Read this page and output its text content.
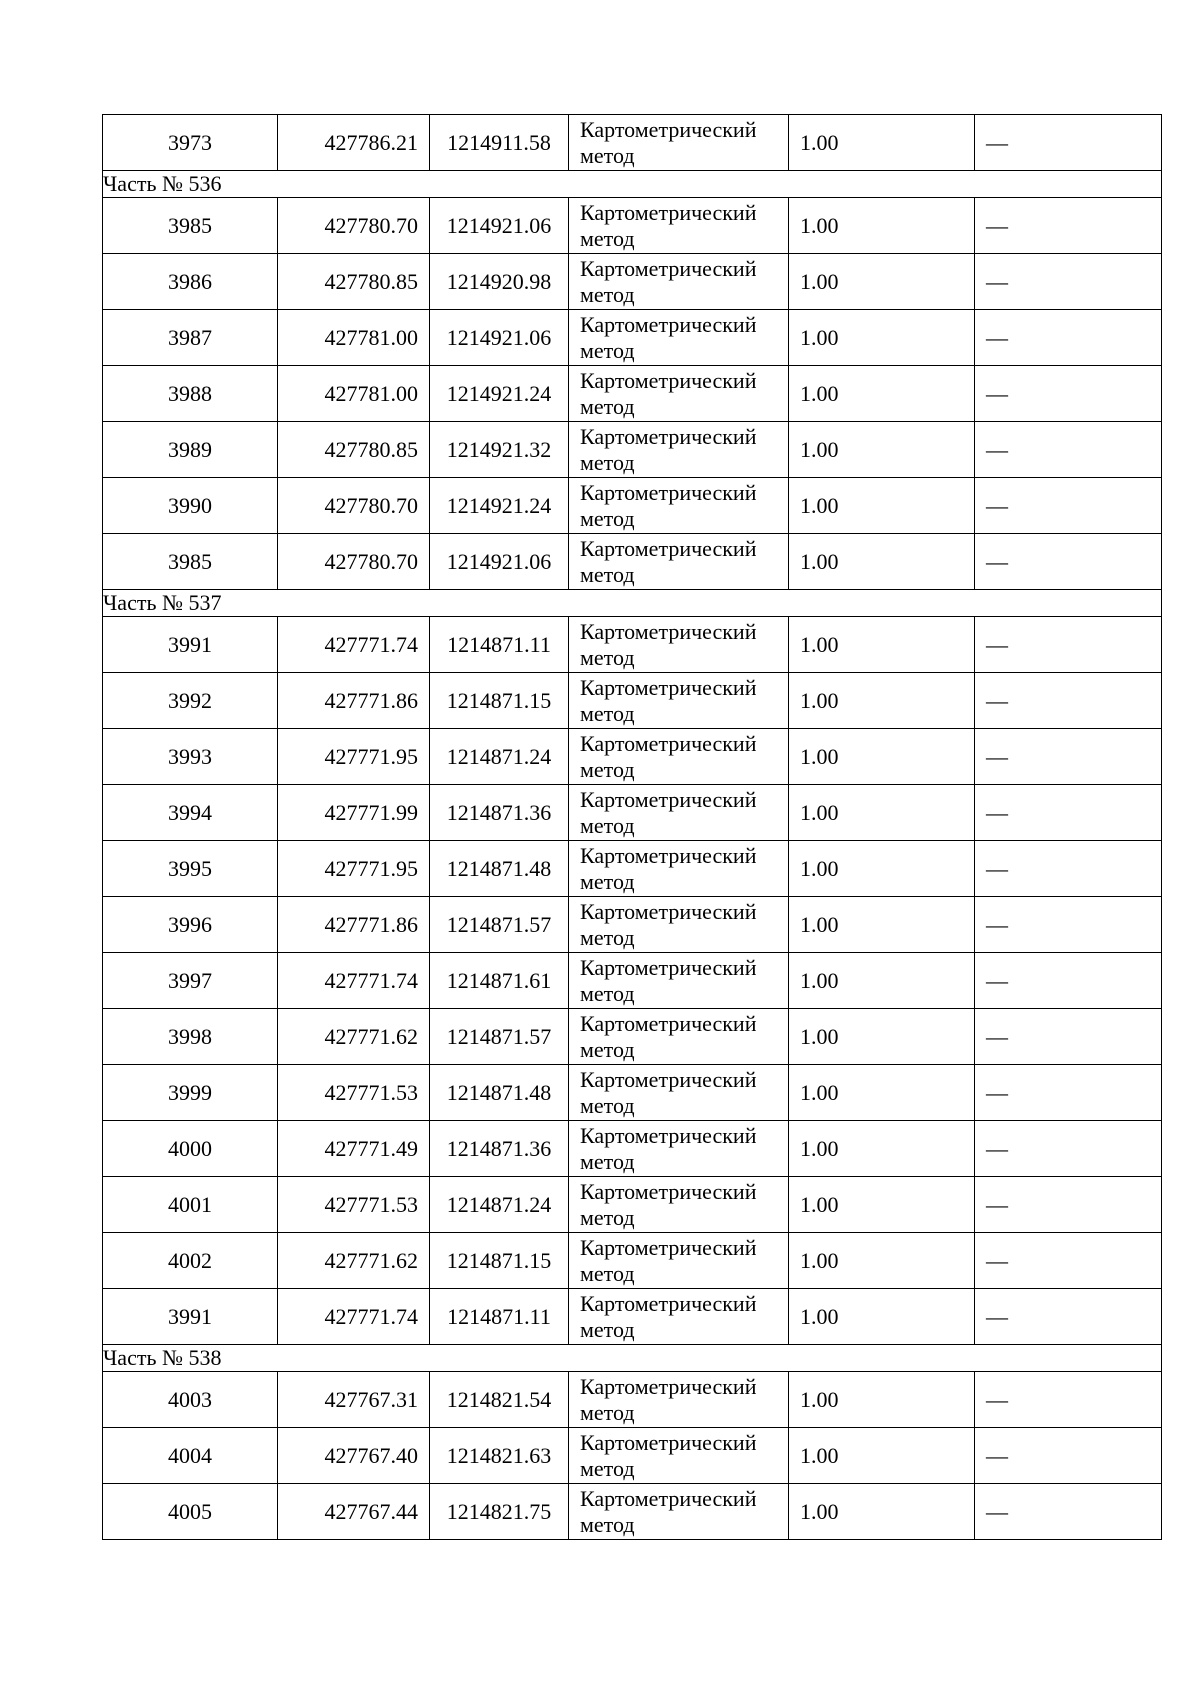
3973	427786.21	1214911.58	Картометрический
метод	1.00	—
Часть № 536					
3985	427780.70	1214921.06	Картометрический
метод	1.00	—
3986	427780.85	1214920.98	Картометрический
метод	1.00	—
3987	427781.00	1214921.06	Картометрический
метод	1.00	—
3988	427781.00	1214921.24	Картометрический
метод	1.00	—
3989	427780.85	1214921.32	Картометрический
метод	1.00	—
3990	427780.70	1214921.24	Картометрический
метод	1.00	—
3985	427780.70	1214921.06	Картометрический
метод	1.00	—
Часть № 537					
3991	427771.74	1214871.11	Картометрический
метод	1.00	—
3992	427771.86	1214871.15	Картометрический
метод	1.00	—
3993	427771.95	1214871.24	Картометрический
метод	1.00	—
3994	427771.99	1214871.36	Картометрический
метод	1.00	—
3995	427771.95	1214871.48	Картометрический
метод	1.00	—
3996	427771.86	1214871.57	Картометрический
метод	1.00	—
3997	427771.74	1214871.61	Картометрический
метод	1.00	—
3998	427771.62	1214871.57	Картометрический
метод	1.00	—
3999	427771.53	1214871.48	Картометрический
метод	1.00	—
4000	427771.49	1214871.36	Картометрический
метод	1.00	—
4001	427771.53	1214871.24	Картометрический
метод	1.00	—
4002	427771.62	1214871.15	Картометрический
метод	1.00	—
3991	427771.74	1214871.11	Картометрический
метод	1.00	—
Часть № 538					
4003	427767.31	1214821.54	Картометрический
метод	1.00	—
4004	427767.40	1214821.63	Картометрический
метод	1.00	—
4005	427767.44	1214821.75	Картометрический
метод	1.00	—
